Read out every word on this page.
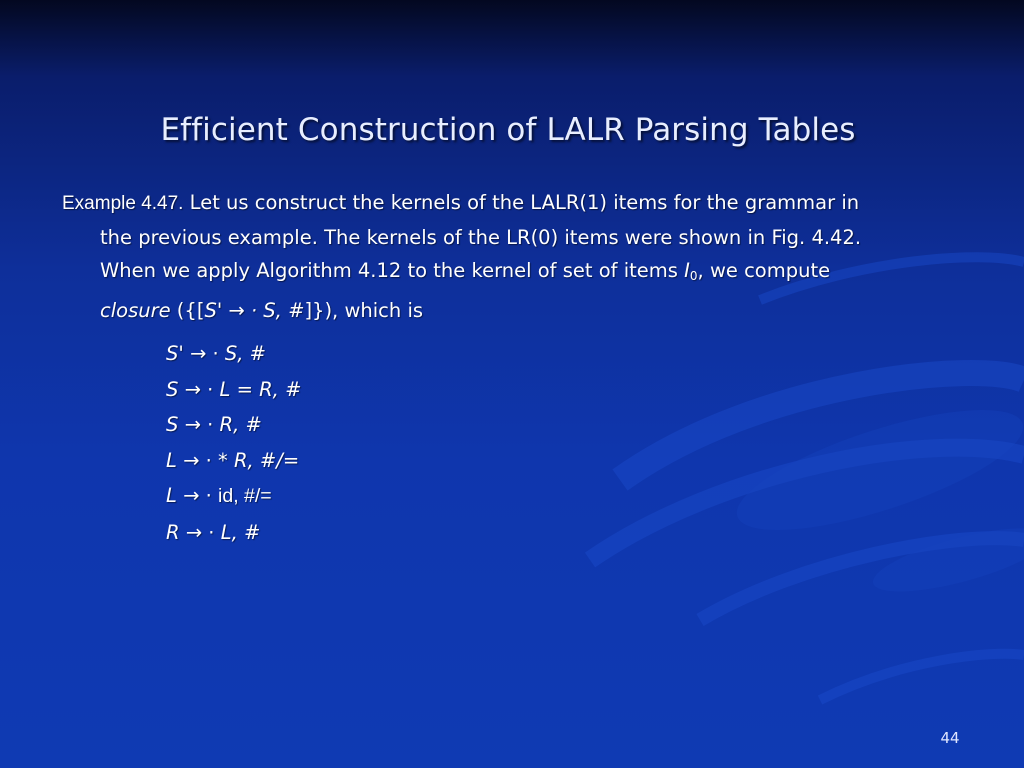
Efficient Construction of LALR Parsing Tables
Example 4.47. Let us construct the kernels of the LALR(1) items for the grammar in
the previous example. The kernels of the LR(0) items were shown in Fig. 4.42.
When we apply Algorithm 4.12 to the kernel of set of items $I_0$, we compute
closure ({[S' → · S, #]}), which is
S' → · S, #
S → · L = R, #
S → · R, #
L → · * R, #/=
L → · id, #/=
R → · L, #
44
